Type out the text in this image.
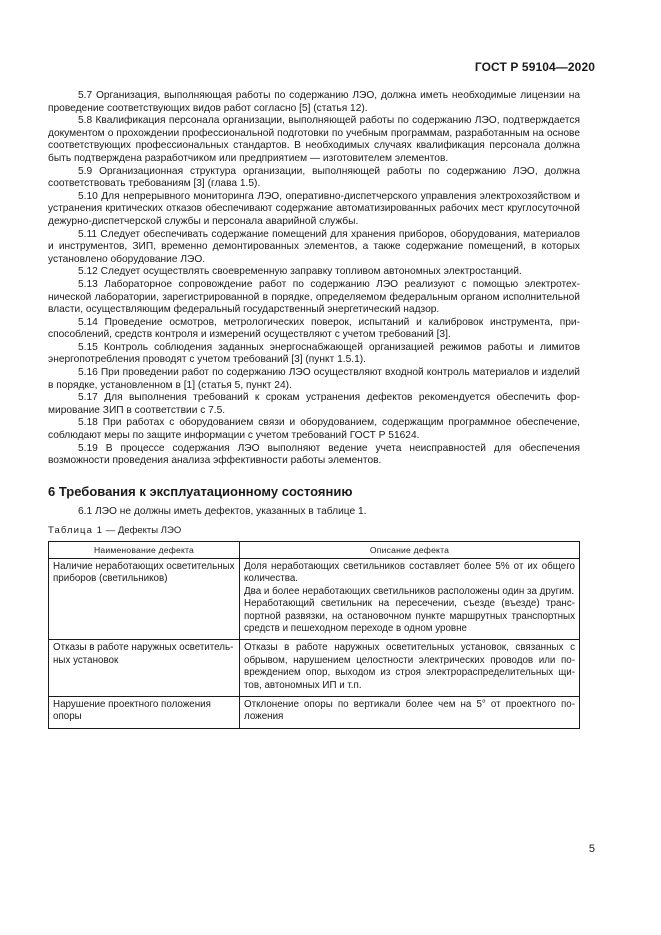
ГОСТ Р 59104—2020

5.7 Организация, выполняющая работы по содержанию ЛЭО, должна иметь необходимые лицензии на проведение соответствующих видов работ согласно [5] (статья 12).

5.8 Квалификация персонала организации, выполняющей работы по содержанию ЛЭО, подтверждается документом о прохождении профессиональной подготовки по учебным программам, разработанным на основе соответствующих профессиональных стандартов. В необходимых случаях квалификация персонала должна быть подтверждена разработчиком или предприятием — изготовителем элементов.

5.9 Организационная структура организации, выполняющей работы по содержанию ЛЭО, должна соответствовать требованиям [3] (глава 1.5).

5.10 Для непрерывного мониторинга ЛЭО, оперативно-диспетчерского управления электрохозяйством и устранения критических отказов обеспечивают содержание автоматизированных рабочих мест круглосуточной дежурно-диспетчерской службы и персонала аварийной службы.

5.11 Следует обеспечивать содержание помещений для хранения приборов, оборудования, материалов и инструментов, ЗИП, временно демонтированных элементов, а также содержание помещений, в которых установлено оборудование ЛЭО.

5.12 Следует осуществлять своевременную заправку топливом автономных электростанций.

5.13 Лабораторное сопровождение работ по содержанию ЛЭО реализуют с помощью электротехнической лаборатории, зарегистрированной в порядке, определяемом федеральным органом исполнительной власти, осуществляющим федеральный государственный энергетический надзор.

5.14 Проведение осмотров, метрологических поверок, испытаний и калибровок инструмента, приспособлений, средств контроля и измерений осуществляют с учетом требований [3].

5.15 Контроль соблюдения заданных энергоснабжающей организацией режимов работы и лимитов энергопотребления проводят с учетом требований [3] (пункт 1.5.1).

5.16 При проведении работ по содержанию ЛЭО осуществляют входной контроль материалов и изделий в порядке, установленном в [1] (статья 5, пункт 24).

5.17 Для выполнения требований к срокам устранения дефектов рекомендуется обеспечить формирование ЗИП в соответствии с 7.5.

5.18 При работах с оборудованием связи и оборудованием, содержащим программное обеспечение, соблюдают меры по защите информации с учетом требований ГОСТ Р 51624.

5.19 В процессе содержания ЛЭО выполняют ведение учета неисправностей для обеспечения возможности проведения анализа эффективности работы элементов.

6 Требования к эксплуатационному состоянию

6.1 ЛЭО не должны иметь дефектов, указанных в таблице 1.

Таблица 1 — Дефекты ЛЭО
Наименование дефекта	Описание дефекта
Наличие неработающих осветительных приборов (светильников)	Доля неработающих светильников составляет более 5% от их общего количества.
Два и более неработающих светильников расположены один за другим.
Неработающий светильник на пересечении, съезде (въезде) транспортной развязки, на остановочном пункте маршрутных транспортных средств и пешеходном переходе в одном уровне

Отказы в работе наружных осветительных установок	Отказы в работе наружных осветительных установок, связанных с обрывом, нарушением целостности электрических проводов или повреждением опор, выходом из строя электрораспределительных щитов, автономных ИП и т.п.

Нарушение проектного положения опоры	Отклонение опоры по вертикали более чем на 5° от проектного положения
5
